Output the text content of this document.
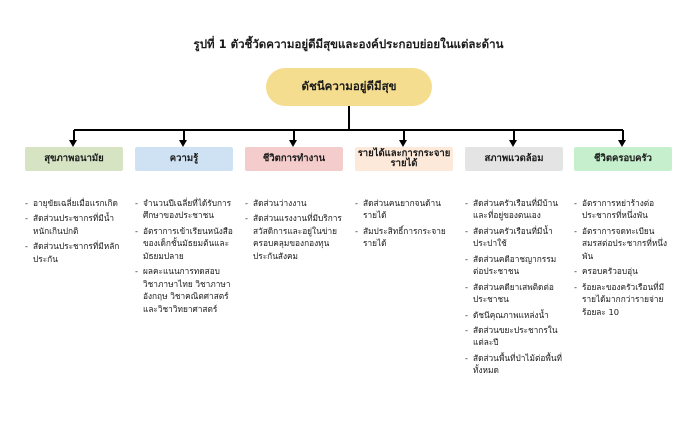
รูปที่ 1 ตัวชี้วัดความอยู่ดีมีสุขและองค์ประกอบย่อยในแต่ละด้าน
ดัชนีความอยู่ดีมีสุข
สุขภาพอนามัย
- อายุขัยเฉลี่ยเมื่อแรกเกิด
- สัดส่วนประชากรที่มีน้ำหนักเกินปกติ
- สัดส่วนประชากรที่มีหลักประกัน
ความรู้
- จำนวนปีเฉลี่ยที่ได้รับการศึกษาของประชาชน
- อัตราการเข้าเรียนหนังสือของเด็กชั้นมัธยมต้นและมัธยมปลาย
- ผลคะแนนการทดสอบวิชาภาษาไทย วิชาภาษาอังกฤษ วิชาคณิตศาสตร์ และวิชาวิทยาศาสตร์
ชีวิตการทำงาน
- สัดส่วนว่างงาน
- สัดส่วนแรงงานที่มีบริการสวัสดิการและอยู่ในข่ายครอบคลุมของกองทุนประกันสังคม
รายได้และการกระจายรายได้
- สัดส่วนคนยากจนด้านรายได้
- สัมประสิทธิ์การกระจายรายได้
สภาพแวดล้อม
- สัดส่วนครัวเรือนที่มีบ้านและที่อยู่ของตนเอง
- สัดส่วนครัวเรือนที่มีน้ำประปาใช้
- สัดส่วนคดีอาชญากรรมต่อประชาชน
- สัดส่วนคดียาเสพติดต่อประชาชน
- ดัชนีคุณภาพแหล่งน้ำ
- สัดส่วนขยะประชากรในแต่ละปี
- สัดส่วนพื้นที่ป่าไม้ต่อพื้นที่ทั้งหมด
ชีวิตครอบครัว
- อัตราการหย่าร้างต่อประชากรที่หนึ่งพัน
- อัตราการจดทะเบียนสมรสต่อประชากรที่หนึ่งพัน
- ครอบครัวอบอุ่น
- ร้อยละของครัวเรือนที่มีรายได้มากกว่ารายจ่ายร้อยละ 10
